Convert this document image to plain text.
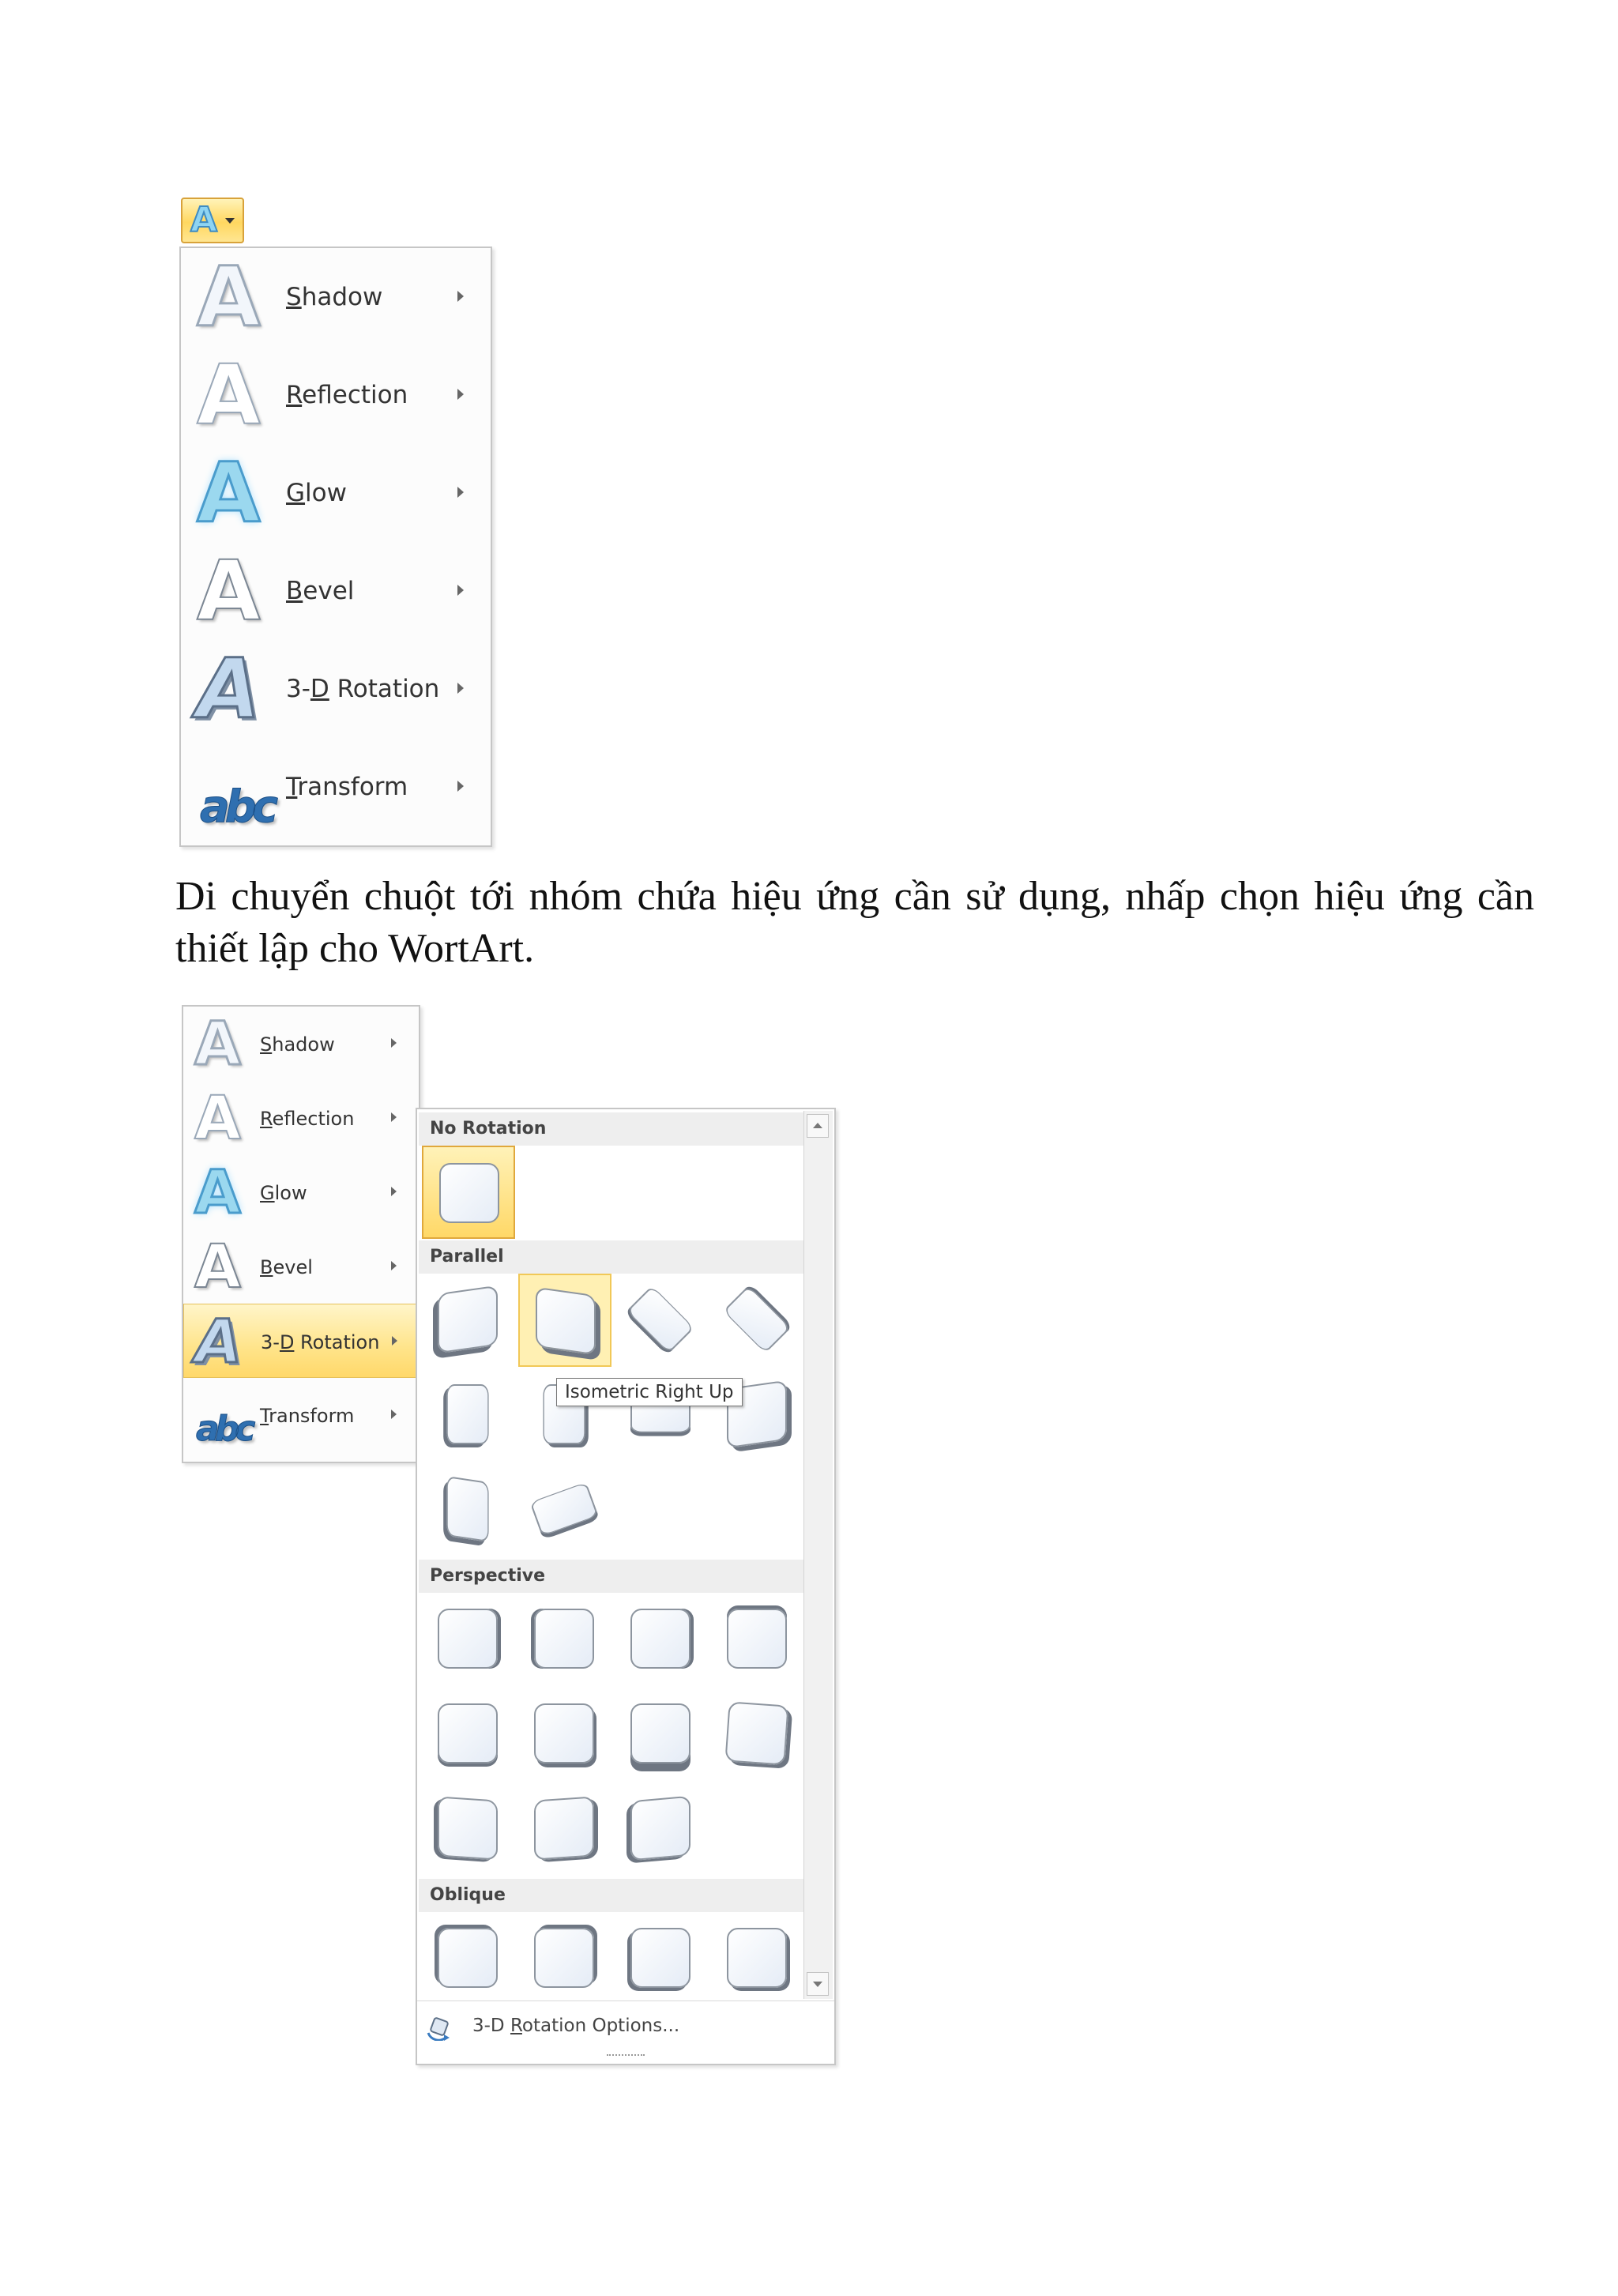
A
A Shadow
A Reflection
A Glow
A Bevel
A 3-D Rotation
abc Transform

Di chuyển chuột tới nhóm chứa hiệu ứng cần sử dụng, nhấp chọn hiệu ứng cần thiết lập cho WortArt.

A Shadow
A Reflection
A Glow
A Bevel
A 3-D Rotation
abc Transform
No Rotation
Parallel
Isometric Right Up
Perspective
Oblique
3-D Rotation Options...
